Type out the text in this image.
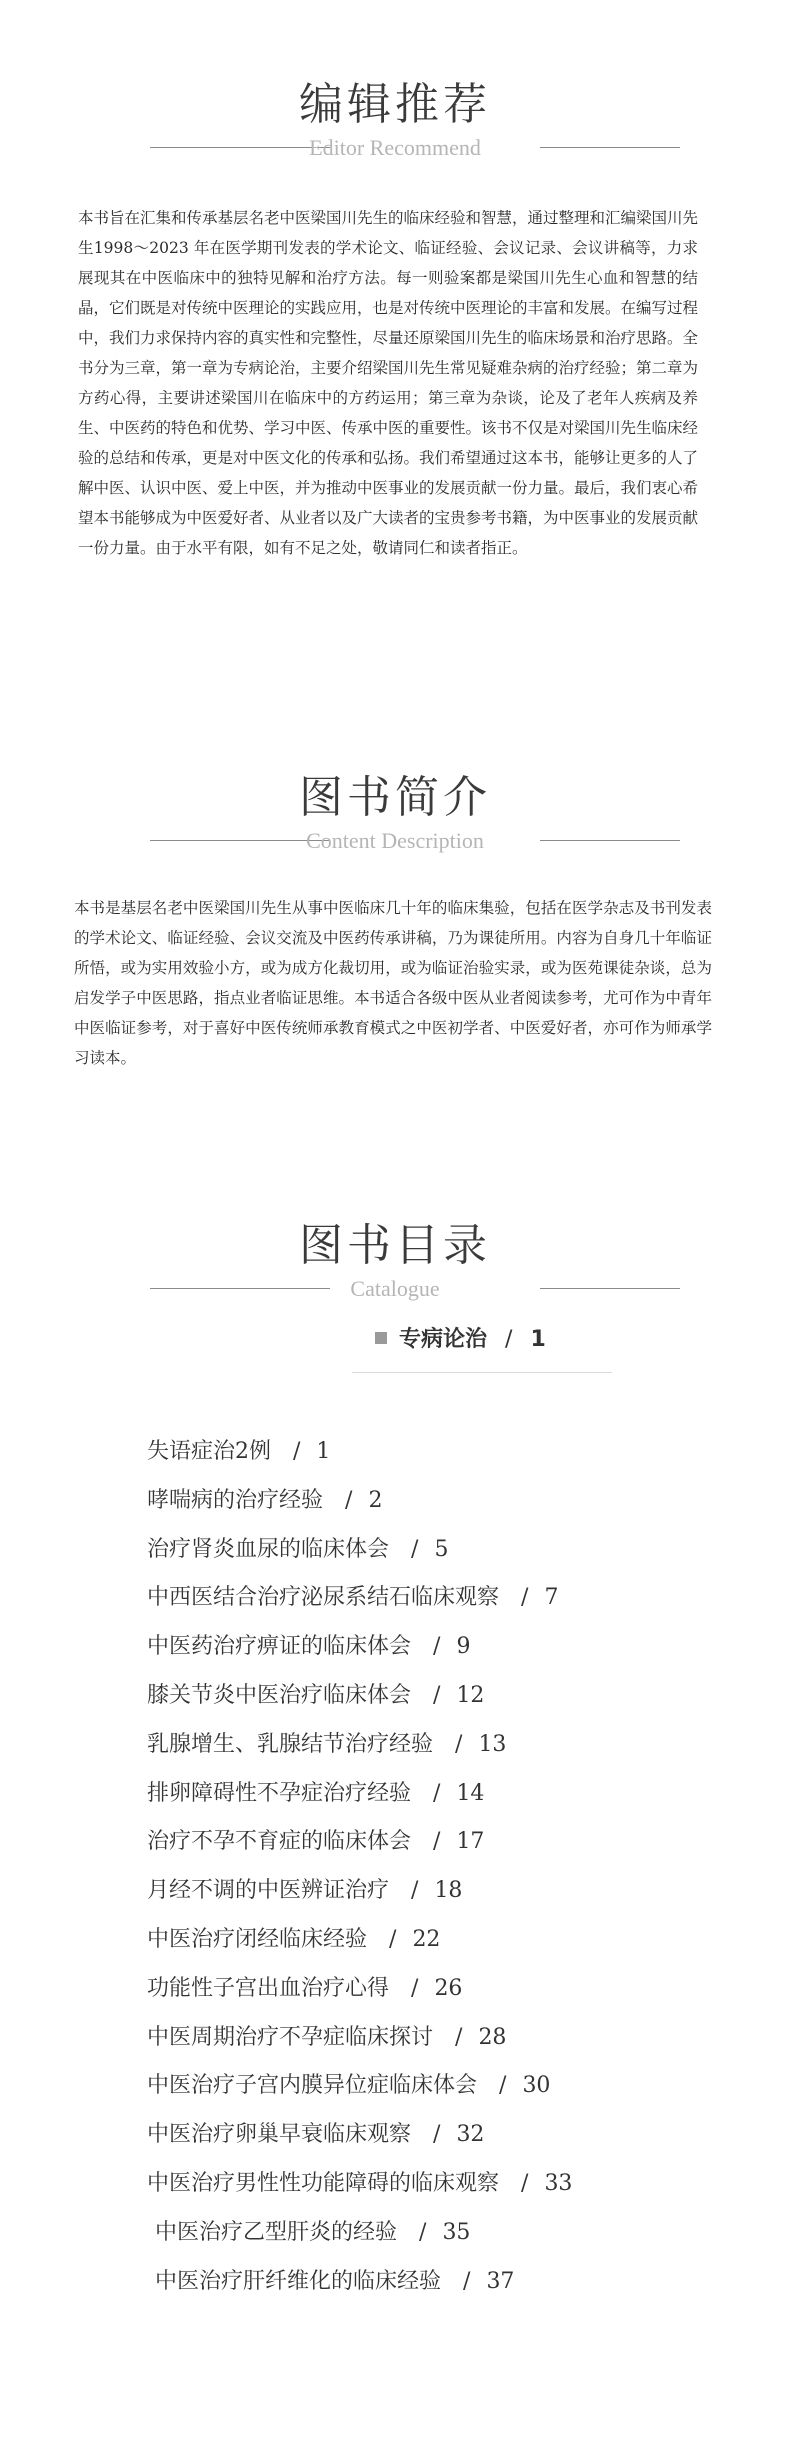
编辑推荐
Editor Recommend

本书旨在汇集和传承基层名老中医梁国川先生的临床经验和智慧，通过整理和汇编梁国川先生1998～2023 年在医学期刊发表的学术论文、临证经验、会议记录、会议讲稿等，力求展现其在中医临床中的独特见解和治疗方法。每一则验案都是梁国川先生心血和智慧的结晶，它们既是对传统中医理论的实践应用，也是对传统中医理论的丰富和发展。在编写过程中，我们力求保持内容的真实性和完整性，尽量还原梁国川先生的临床场景和治疗思路。全书分为三章，第一章为专病论治，主要介绍梁国川先生常见疑难杂病的治疗经验；第二章为方药心得，主要讲述梁国川在临床中的方药运用；第三章为杂谈，论及了老年人疾病及养生、中医药的特色和优势、学习中医、传承中医的重要性。该书不仅是对梁国川先生临床经验的总结和传承，更是对中医文化的传承和弘扬。我们希望通过这本书，能够让更多的人了解中医、认识中医、爱上中医，并为推动中医事业的发展贡献一份力量。最后，我们衷心希望本书能够成为中医爱好者、从业者以及广大读者的宝贵参考书籍，为中医事业的发展贡献一份力量。由于水平有限，如有不足之处，敬请同仁和读者指正。

图书简介
Content Description

本书是基层名老中医梁国川先生从事中医临床几十年的临床集验，包括在医学杂志及书刊发表的学术论文、临证经验、会议交流及中医药传承讲稿，乃为课徒所用。内容为自身几十年临证所悟，或为实用效验小方，或为成方化裁切用，或为临证治验实录，或为医苑课徒杂谈，总为启发学子中医思路，指点业者临证思维。本书适合各级中医从业者阅读参考，尤可作为中青年中医临证参考，对于喜好中医传统师承教育模式之中医初学者、中医爱好者，亦可作为师承学习读本。

图书目录
Catalogue
专病论治 / 1
失语症治2例 / 1
哮喘病的治疗经验 / 2
治疗肾炎血尿的临床体会 / 5
中西医结合治疗泌尿系结石临床观察 / 7
中医药治疗痹证的临床体会 / 9
膝关节炎中医治疗临床体会 / 12
乳腺增生、乳腺结节治疗经验 / 13
排卵障碍性不孕症治疗经验 / 14
治疗不孕不育症的临床体会 / 17
月经不调的中医辨证治疗 / 18
中医治疗闭经临床经验 / 22
功能性子宫出血治疗心得 / 26
中医周期治疗不孕症临床探讨 / 28
中医治疗子宫内膜异位症临床体会 / 30
中医治疗卵巢早衰临床观察 / 32
中医治疗男性性功能障碍的临床观察 / 33
中医治疗乙型肝炎的经验 / 35
中医治疗肝纤维化的临床经验 / 37
